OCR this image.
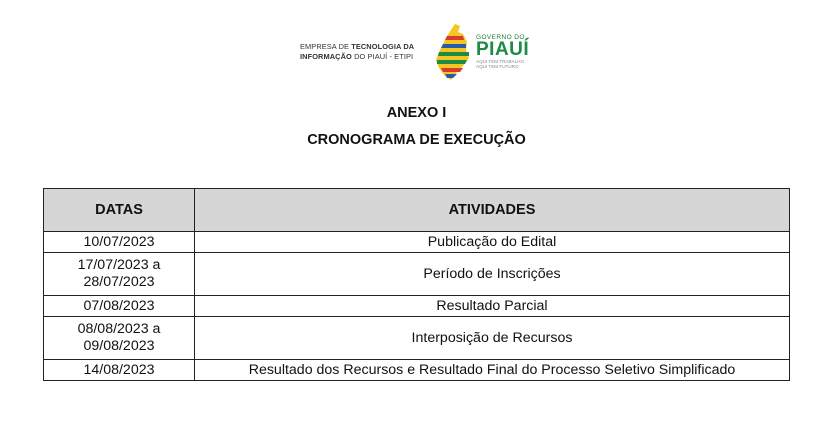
EMPRESA DE TECNOLOGIA DA
INFORMAÇÃO DO PIAUÍ - ETIPI
GOVERNO DO
PIAUÍ
AQUI TEM TRABALHO
AQUI TEM FUTURO
ANEXO I
CRONOGRAMA DE EXECUÇÃO
DATAS	ATIVIDADES
10/07/2023	Publicação do Edital
17/07/2023 a
28/07/2023	Período de Inscrições
07/08/2023	Resultado Parcial
08/08/2023 a
09/08/2023	Interposição de Recursos
14/08/2023	Resultado dos Recursos e Resultado Final do Processo Seletivo Simplificado
